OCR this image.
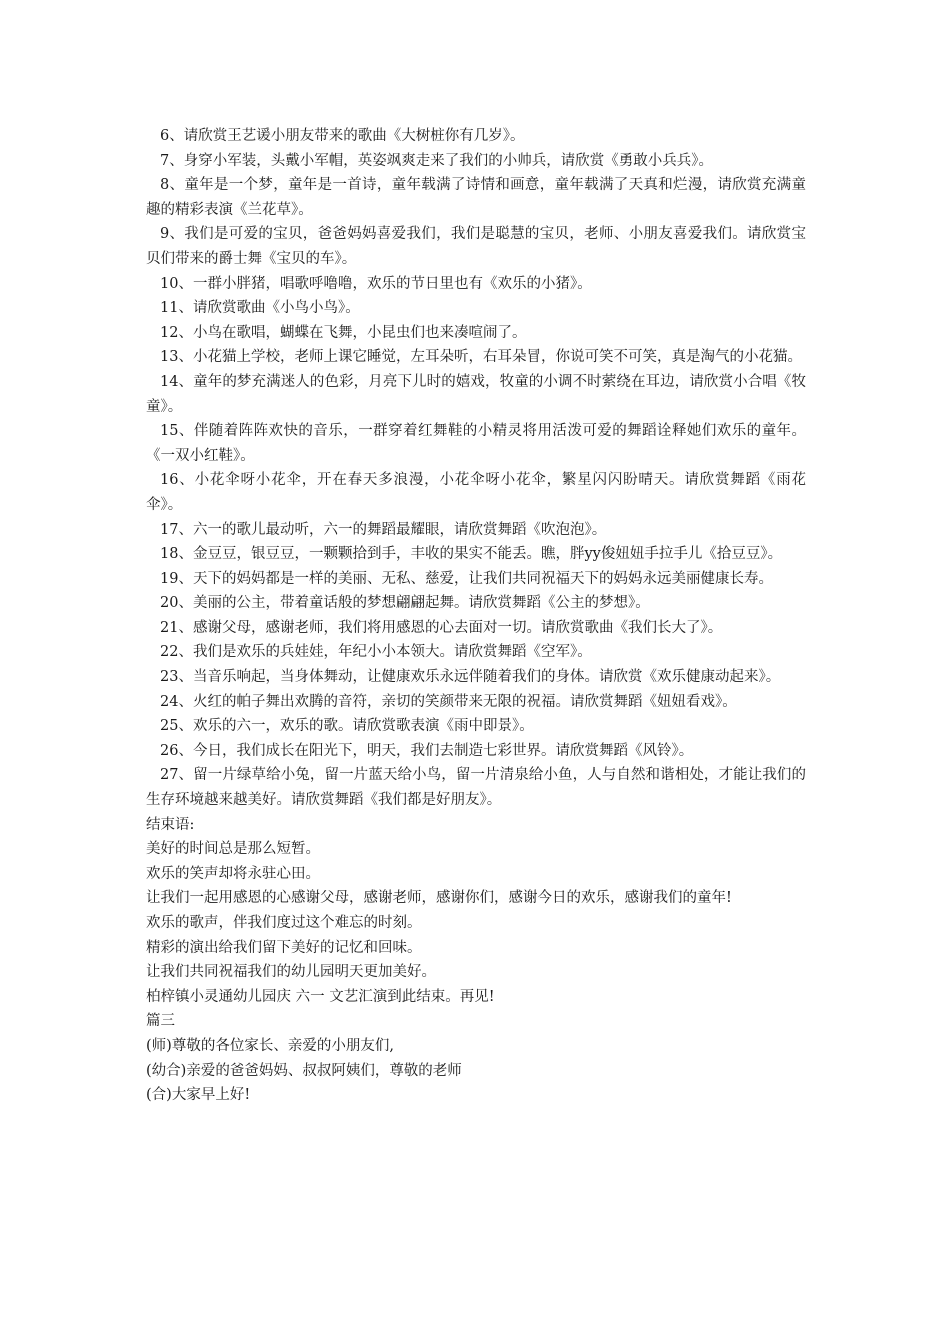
6、请欣赏王艺谖小朋友带来的歌曲《大树桩你有几岁》。

7、身穿小军装，头戴小军帽，英姿飒爽走来了我们的小帅兵，请欣赏《勇敢小兵兵》。

8、童年是一个梦，童年是一首诗，童年载满了诗情和画意，童年载满了天真和烂漫，请欣赏充满童趣的精彩表演《兰花草》。

9、我们是可爱的宝贝，爸爸妈妈喜爱我们，我们是聪慧的宝贝，老师、小朋友喜爱我们。请欣赏宝贝们带来的爵士舞《宝贝的车》。

10、一群小胖猪，唱歌呼噜噜，欢乐的节日里也有《欢乐的小猪》。

11、请欣赏歌曲《小鸟小鸟》。

12、小鸟在歌唱，蝴蝶在飞舞，小昆虫们也来凑喧闹了。

13、小花猫上学校，老师上课它睡觉，左耳朵听，右耳朵冒，你说可笑不可笑，真是淘气的小花猫。

14、童年的梦充满迷人的色彩，月亮下儿时的嬉戏，牧童的小调不时萦绕在耳边，请欣赏小合唱《牧童》。

15、伴随着阵阵欢快的音乐，一群穿着红舞鞋的小精灵将用活泼可爱的舞蹈诠释她们欢乐的童年。 《一双小红鞋》。

16、小花伞呀小花伞，开在春天多浪漫，小花伞呀小花伞，繁星闪闪盼晴天。请欣赏舞蹈《雨花伞》。

17、六一的歌儿最动听，六一的舞蹈最耀眼，请欣赏舞蹈《吹泡泡》。

18、金豆豆，银豆豆，一颗颗拾到手，丰收的果实不能丢。瞧，胖yy俊妞妞手拉手儿《拾豆豆》。

19、天下的妈妈都是一样的美丽、无私、慈爱，让我们共同祝福天下的妈妈永远美丽健康长寿。

20、美丽的公主，带着童话般的梦想翩翩起舞。请欣赏舞蹈《公主的梦想》。

21、感谢父母，感谢老师，我们将用感恩的心去面对一切。请欣赏歌曲《我们长大了》。

22、我们是欢乐的兵娃娃，年纪小小本领大。请欣赏舞蹈《空军》。

23、当音乐响起，当身体舞动，让健康欢乐永远伴随着我们的身体。请欣赏《欢乐健康动起来》。

24、火红的帕子舞出欢腾的音符，亲切的笑颜带来无限的祝福。请欣赏舞蹈《妞妞看戏》。

25、欢乐的六一，欢乐的歌。请欣赏歌表演《雨中即景》。

26、今日，我们成长在阳光下，明天，我们去制造七彩世界。请欣赏舞蹈《风铃》。

27、留一片绿草给小兔，留一片蓝天给小鸟，留一片清泉给小鱼，人与自然和谐相处，才能让我们的生存环境越来越美好。请欣赏舞蹈《我们都是好朋友》。

结束语:

美好的时间总是那么短暂。

欢乐的笑声却将永驻心田。

让我们一起用感恩的心感谢父母，感谢老师，感谢你们，感谢今日的欢乐，感谢我们的童年!

欢乐的歌声，伴我们度过这个难忘的时刻。

精彩的演出给我们留下美好的记忆和回味。

让我们共同祝福我们的幼儿园明天更加美好。

柏梓镇小灵通幼儿园庆 六一 文艺汇演到此结束。再见!

篇三

(师)尊敬的各位家长、亲爱的小朋友们,

(幼合)亲爱的爸爸妈妈、叔叔阿姨们，尊敬的老师

(合)大家早上好!
